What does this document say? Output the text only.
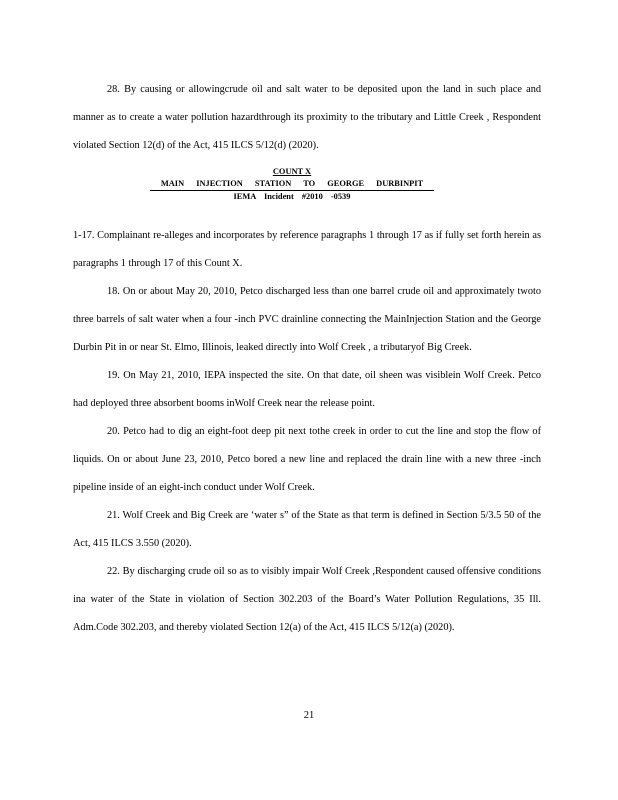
28. By causing or allowingcrude oil and salt water to be deposited upon the land in such place and manner as to create a water pollution hazardthrough its proximity to the tributary and Little Creek , Respondent violated Section 12(d) of the Act, 415 ILCS 5/12(d) (2020).

COUNT X
MAIN INJECTION STATION TO GEORGE DURBINPIT
IEMA Incident #2010 -0539

1-17. Complainant re-alleges and incorporates by reference paragraphs 1 through 17 as if fully set forth herein as paragraphs 1 through 17 of this Count X.

18. On or about May 20, 2010, Petco discharged less than one barrel crude oil and approximately twoto three barrels of salt water when a four -inch PVC drainline connecting the MainInjection Station and the George Durbin Pit in or near St. Elmo, Illinois, leaked directly into Wolf Creek , a tributaryof Big Creek.

19. On May 21, 2010, IEPA inspected the site. On that date, oil sheen was visiblein Wolf Creek. Petco had deployed three absorbent booms inWolf Creek near the release point.

20. Petco had to dig an eight-foot deep pit next tothe creek in order to cut the line and stop the flow of liquids. On or about June 23, 2010, Petco bored a new line and replaced the drain line with a new three -inch pipeline inside of an eight-inch conduct under Wolf Creek.

21. Wolf Creek and Big Creek are ‘water s” of the State as that term is defined in Section 5/3.5 50 of the Act, 415 ILCS 3.550 (2020).

22. By discharging crude oil so as to visibly impair Wolf Creek ,Respondent caused offensive conditions ina water of the State in violation of Section 302.203 of the Board’s Water Pollution Regulations, 35 Ill. Adm.Code 302.203, and thereby violated Section 12(a) of the Act, 415 ILCS 5/12(a) (2020).

21
